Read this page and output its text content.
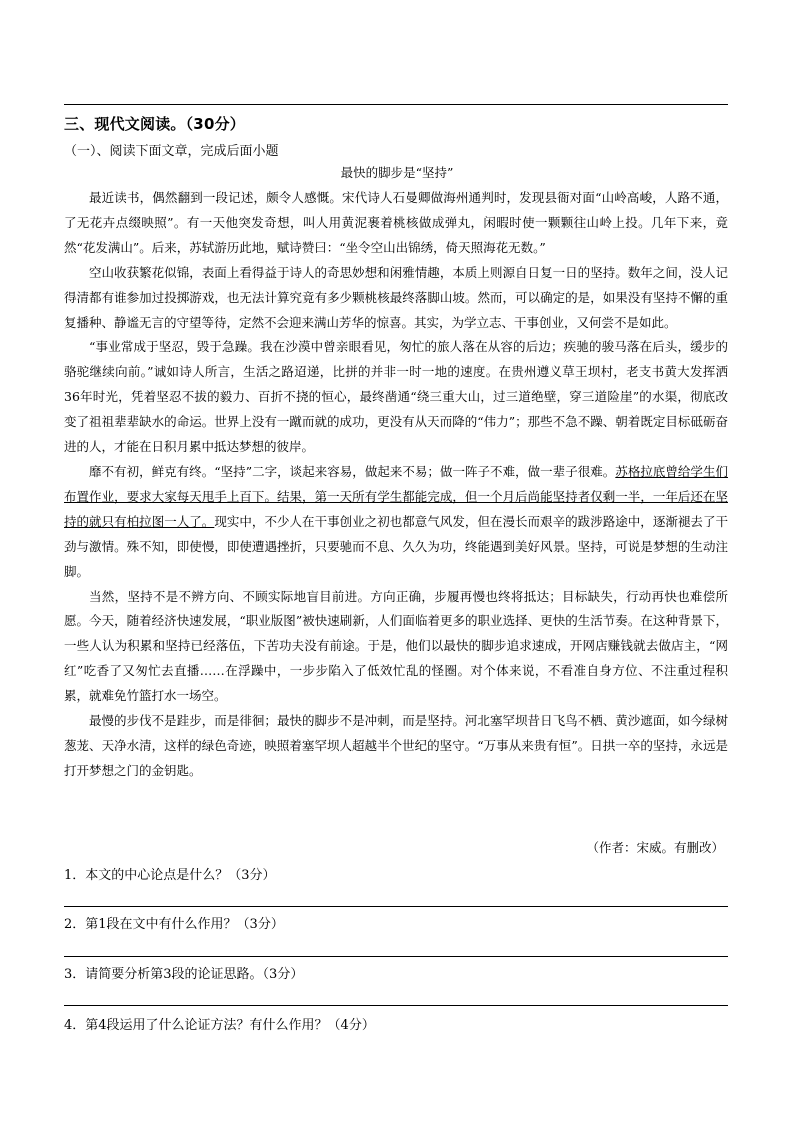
三、现代文阅读。（30分）
（一）、阅读下面文章，完成后面小题
最快的脚步是“坚持”

最近读书，偶然翻到一段记述，颇令人感慨。宋代诗人石曼卿做海州通判时，发现县衙对面“山岭高峻，人路不通，了无花卉点缀映照”。有一天他突发奇想，叫人用黄泥裹着桃核做成弹丸，闲暇时使一颗颗往山岭上投。几年下来，竟然“花发满山”。后来，苏轼游历此地，赋诗赞曰：“坐令空山出锦绣，倚天照海花无数。”

空山收获繁花似锦，表面上看得益于诗人的奇思妙想和闲雅情趣，本质上则源自日复一日的坚持。数年之间，没人记得清都有谁参加过投掷游戏，也无法计算究竟有多少颗桃核最终落脚山坡。然而，可以确定的是，如果没有坚持不懈的重复播种、静谧无言的守望等待，定然不会迎来满山芳华的惊喜。其实，为学立志、干事创业，又何尝不是如此。

“事业常成于坚忍，毁于急躁。我在沙漠中曾亲眼看见，匆忙的旅人落在从容的后边；疾驰的骏马落在后头，缓步的骆驼继续向前。”诚如诗人所言，生活之路迢递，比拼的并非一时一地的速度。在贵州遵义草王坝村，老支书黄大发挥洒36年时光，凭着坚忍不拔的毅力、百折不挠的恒心，最终凿通“绕三重大山，过三道绝壁，穿三道险崖”的水渠，彻底改变了祖祖辈辈缺水的命运。世界上没有一蹴而就的成功，更没有从天而降的“伟力”；那些不急不躁、朝着既定目标砥砺奋进的人，才能在日积月累中抵达梦想的彼岸。

靡不有初，鲜克有终。“坚持”二字，谈起来容易，做起来不易；做一阵子不难，做一辈子很难。苏格拉底曾给学生们布置作业，要求大家每天甩手上百下。结果，第一天所有学生都能完成，但一个月后尚能坚持者仅剩一半，一年后还在坚持的就只有柏拉图一人了。现实中，不少人在干事创业之初也都意气风发，但在漫长而艰辛的跋涉路途中，逐渐褪去了干劲与激情。殊不知，即使慢，即使遭遇挫折，只要驰而不息、久久为功，终能遇到美好风景。坚持，可说是梦想的生动注脚。

当然，坚持不是不辨方向、不顾实际地盲目前进。方向正确，步履再慢也终将抵达；目标缺失，行动再快也难偿所愿。今天，随着经济快速发展，“职业版图”被快速刷新，人们面临着更多的职业选择、更快的生活节奏。在这种背景下，一些人认为积累和坚持已经落伍，下苦功夫没有前途。于是，他们以最快的脚步追求速成，开网店赚钱就去做店主，“网红”吃香了又匆忙去直播……在浮躁中，一步步陷入了低效忙乱的怪圈。对个体来说，不看准自身方位、不注重过程积累，就难免竹篮打水一场空。

最慢的步伐不是跬步，而是徘徊；最快的脚步不是冲刺，而是坚持。河北塞罕坝昔日飞鸟不栖、黄沙遮面，如今绿树葱茏、天净水清，这样的绿色奇迹，映照着塞罕坝人超越半个世纪的坚守。“万事从来贵有恒”。日拱一卒的坚持，永远是打开梦想之门的金钥匙。

（作者：宋威。有删改）
1．本文的中心论点是什么？（3分）
2．第1段在文中有什么作用？（3分）
3．请简要分析第3段的论证思路。（3分）
4．第4段运用了什么论证方法？有什么作用？（4分）
